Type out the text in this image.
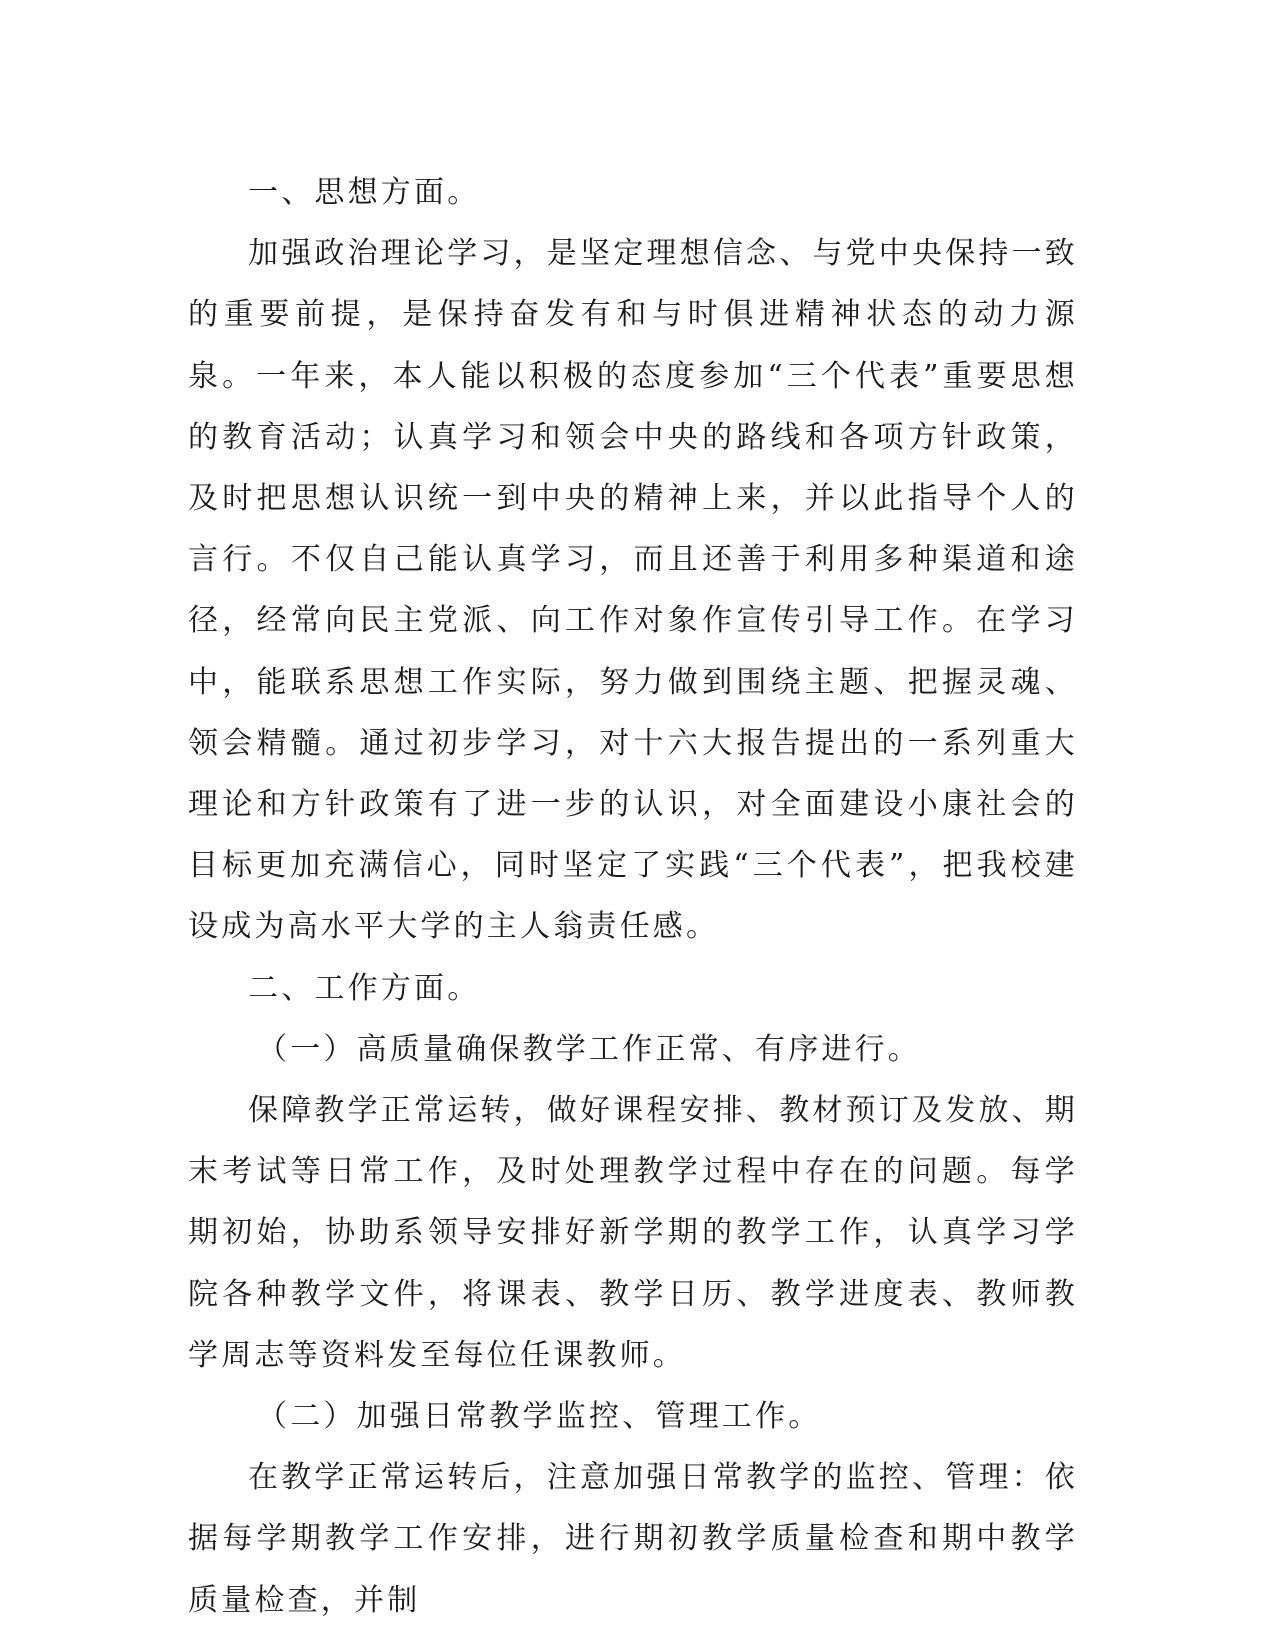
一、思想方面。

加强政治理论学习，是坚定理想信念、与党中央保持一致的重要前提，是保持奋发有和与时俱进精神状态的动力源泉。一年来，本人能以积极的态度参加“三个代表”重要思想的教育活动；认真学习和领会中央的路线和各项方针政策，及时把思想认识统一到中央的精神上来，并以此指导个人的言行。不仅自己能认真学习，而且还善于利用多种渠道和途径，经常向民主党派、向工作对象作宣传引导工作。在学习中，能联系思想工作实际，努力做到围绕主题、把握灵魂、领会精髓。通过初步学习，对十六大报告提出的一系列重大理论和方针政策有了进一步的认识，对全面建设小康社会的目标更加充满信心，同时坚定了实践“三个代表”，把我校建设成为高水平大学的主人翁责任感。

二、工作方面。

（一）高质量确保教学工作正常、有序进行。

保障教学正常运转，做好课程安排、教材预订及发放、期末考试等日常工作，及时处理教学过程中存在的问题。每学期初始，协助系领导安排好新学期的教学工作，认真学习学院各种教学文件，将课表、教学日历、教学进度表、教师教学周志等资料发至每位任课教师。

（二）加强日常教学监控、管理工作。

在教学正常运转后，注意加强日常教学的监控、管理：依据每学期教学工作安排，进行期初教学质量检查和期中教学质量检查，并制
